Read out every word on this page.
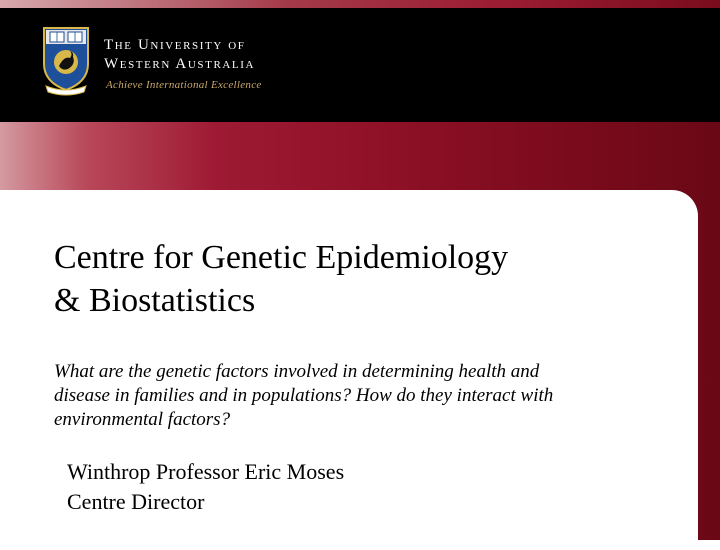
The University of
Western Australia
Achieve International Excellence
Centre for Genetic Epidemiology
& Biostatistics
What are the genetic factors involved in determining health and
disease in families and in populations? How do they interact with
environmental factors?
Winthrop Professor Eric Moses
Centre Director
